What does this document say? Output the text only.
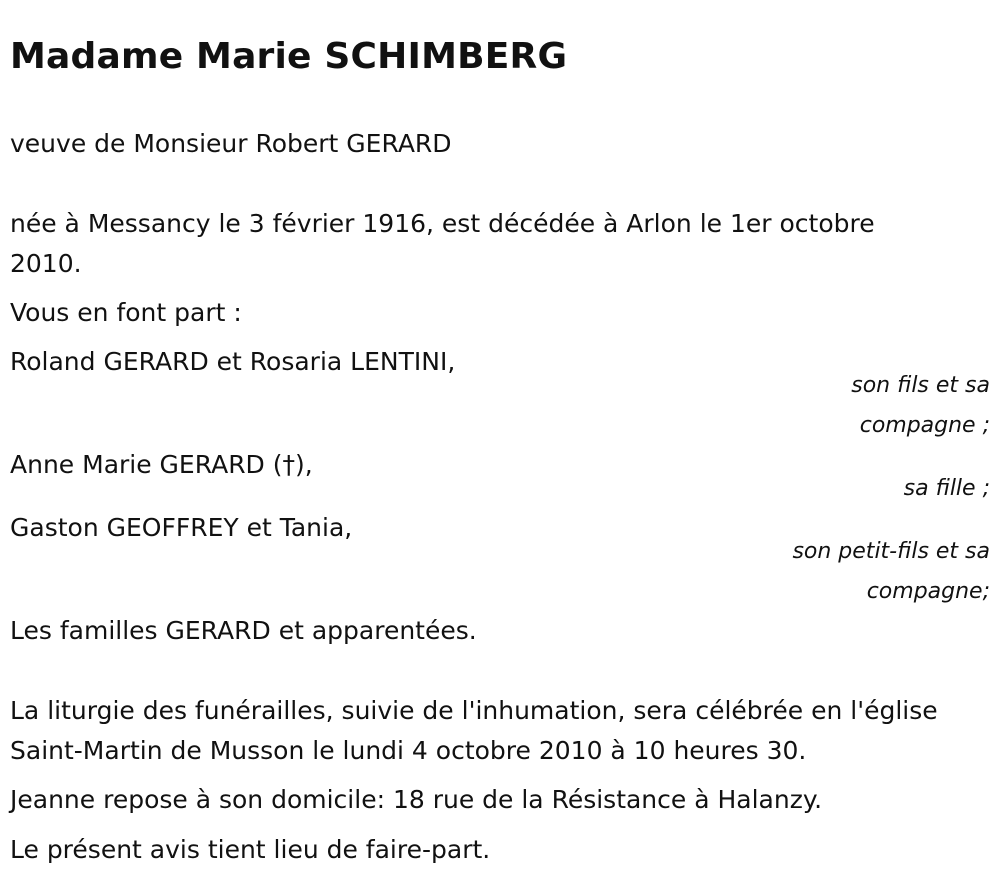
Madame Marie SCHIMBERG

veuve de Monsieur Robert GERARD

née à Messancy le 3 février 1916, est décédée à Arlon le 1er octobre 2010.

Vous en font part :

Roland GERARD et Rosaria LENTINI,

son fils et sa compagne ;

Anne Marie GERARD (†),

sa fille ;

Gaston GEOFFREY et Tania,

son petit-fils et sa compagne;

Les familles GERARD et apparentées.

La liturgie des funérailles, suivie de l'inhumation, sera célébrée en l'église Saint-Martin de Musson le lundi 4 octobre 2010 à 10 heures 30.

Jeanne repose à son domicile: 18 rue de la Résistance à Halanzy.

Le présent avis tient lieu de faire-part.
